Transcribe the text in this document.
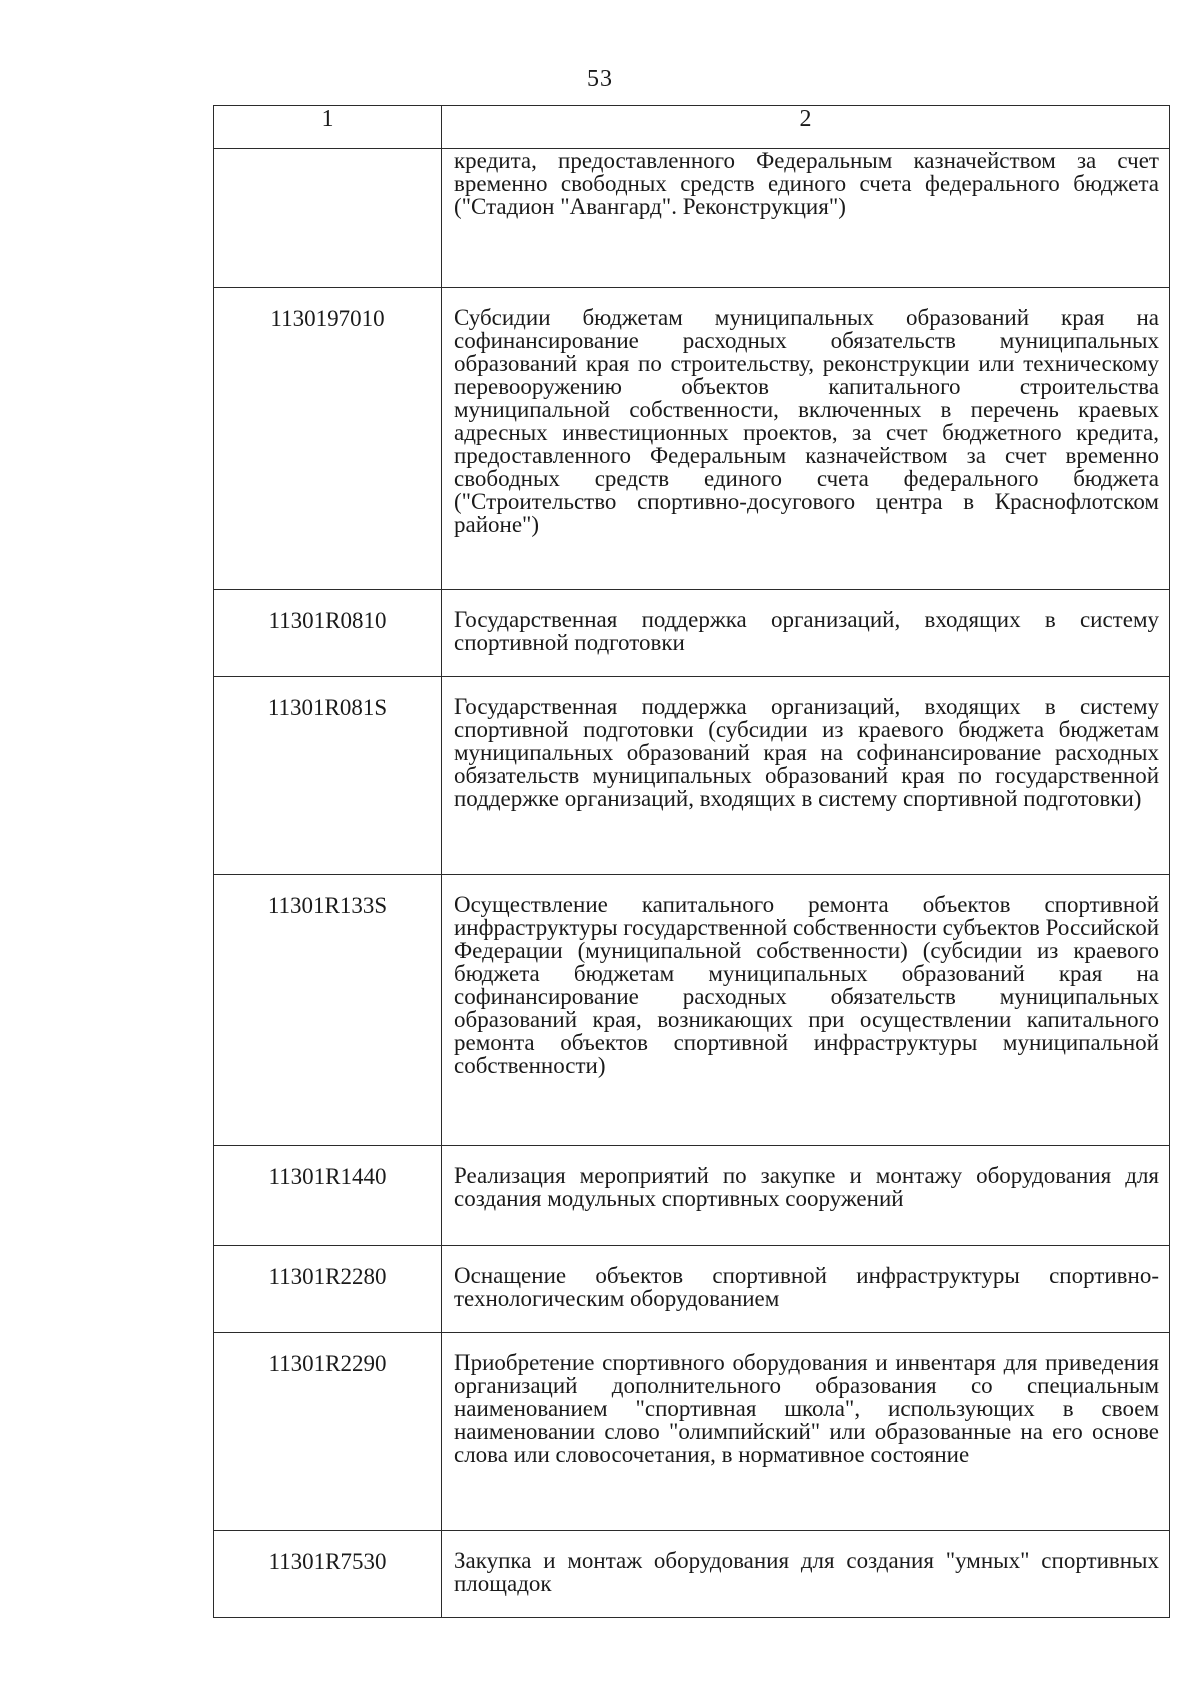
53
1	2
	кредита, предоставленного Федеральным казначейством за счет временно свободных средств единого счета федерального бюджета ("Стадион "Авангард". Реконструкция")
1130197010	Субсидии бюджетам муниципальных образований края на софинансирование расходных обязательств муниципальных образований края по строительству, реконструкции или техническому перевооружению объектов капитального строительства муниципальной собственности, включенных в перечень краевых адресных инвестиционных проектов, за счет бюджетного кредита, предоставленного Федеральным казначейством за счет временно свободных средств единого счета федерального бюджета ("Строительство спортивно-досугового центра в Краснофлотском районе")
11301R0810	Государственная поддержка организаций, входящих в систему спортивной подготовки
11301R081S	Государственная поддержка организаций, входящих в систему спортивной подготовки (субсидии из краевого бюджета бюджетам муниципальных образований края на софинансирование расходных обязательств муниципальных образований края по государственной поддержке организаций, входящих в систему спортивной подготовки)
11301R133S	Осуществление капитального ремонта объектов спортивной инфраструктуры государственной собственности субъектов Российской Федерации (муниципальной собственности) (субсидии из краевого бюджета бюджетам муниципальных образований края на софинансирование расходных обязательств муниципальных образований края, возникающих при осуществлении капитального ремонта объектов спортивной инфраструктуры муниципальной собственности)
11301R1440	Реализация мероприятий по закупке и монтажу оборудования для создания модульных спортивных сооружений
11301R2280	Оснащение объектов спортивной инфраструктуры спортивно-технологическим оборудованием
11301R2290	Приобретение спортивного оборудования и инвентаря для приведения организаций дополнительного образования со специальным наименованием "спортивная школа", использующих в своем наименовании слово "олимпийский" или образованные на его основе слова или словосочетания, в нормативное состояние
11301R7530	Закупка и монтаж оборудования для создания "умных" спортивных площадок
